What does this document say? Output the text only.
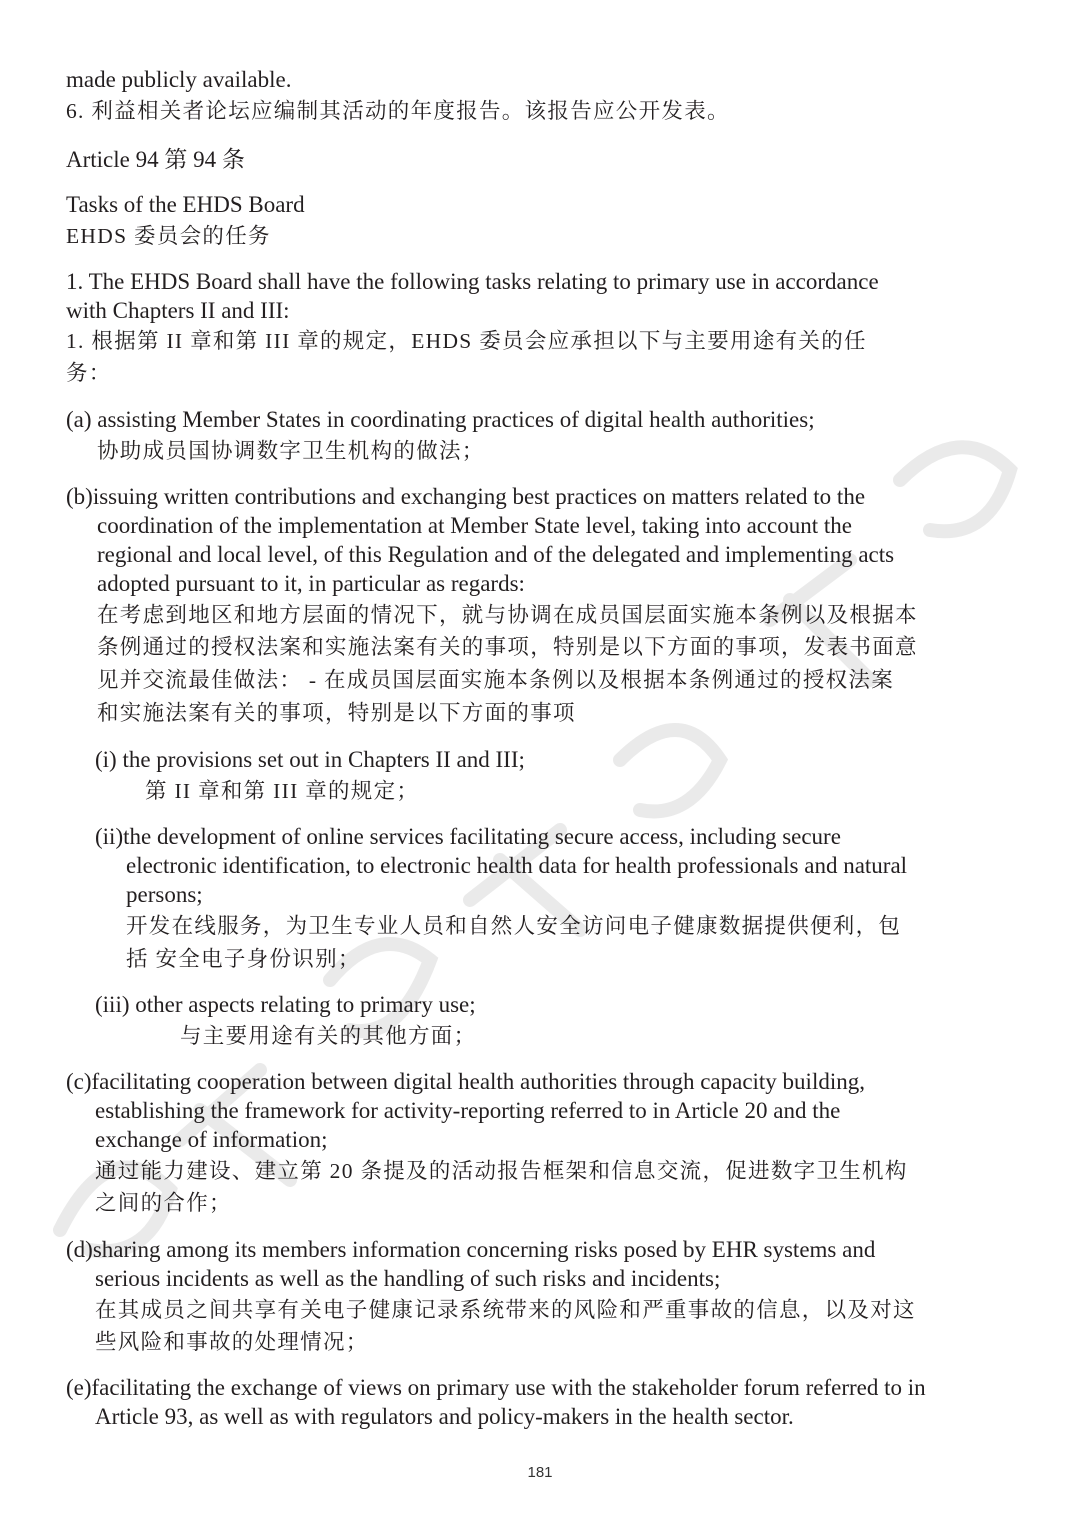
made publicly available.
6. 利益相关者论坛应编制其活动的年度报告。该报告应公开发表。
Article 94 第 94 条
Tasks of the EHDS Board
EHDS 委员会的任务
1. The EHDS Board shall have the following tasks relating to primary use in accordance
with Chapters II and III:
1. 根据第 II 章和第 III 章的规定，EHDS 委员会应承担以下与主要用途有关的任
务：
(a) assisting Member States in coordinating practices of digital health authorities;
协助成员国协调数字卫生机构的做法；
(b)issuing written contributions and exchanging best practices on matters related to the
coordination of the implementation at Member State level, taking into account the
regional and local level, of this Regulation and of the delegated and implementing acts
adopted pursuant to it, in particular as regards:
在考虑到地区和地方层面的情况下，就与协调在成员国层面实施本条例以及根据本
条例通过的授权法案和实施法案有关的事项，特别是以下方面的事项，发表书面意
见并交流最佳做法： - 在成员国层面实施本条例以及根据本条例通过的授权法案
和实施法案有关的事项，特别是以下方面的事项
(i) the provisions set out in Chapters II and III;
第 II 章和第 III 章的规定；
(ii)the development of online services facilitating secure access, including secure
electronic identification, to electronic health data for health professionals and natural
persons;
开发在线服务，为卫生专业人员和自然人安全访问电子健康数据提供便利，包
括 安全电子身份识别；
(iii) other aspects relating to primary use;
与主要用途有关的其他方面；
(c)facilitating cooperation between digital health authorities through capacity building,
establishing the framework for activity-reporting referred to in Article 20 and the
exchange of information;
通过能力建设、建立第 20 条提及的活动报告框架和信息交流，促进数字卫生机构
之间的合作；
(d)sharing among its members information concerning risks posed by EHR systems and
serious incidents as well as the handling of such risks and incidents;
在其成员之间共享有关电子健康记录系统带来的风险和严重事故的信息，以及对这
些风险和事故的处理情况；
(e)facilitating the exchange of views on primary use with the stakeholder forum referred to in
Article 93, as well as with regulators and policy-makers in the health sector.
181
